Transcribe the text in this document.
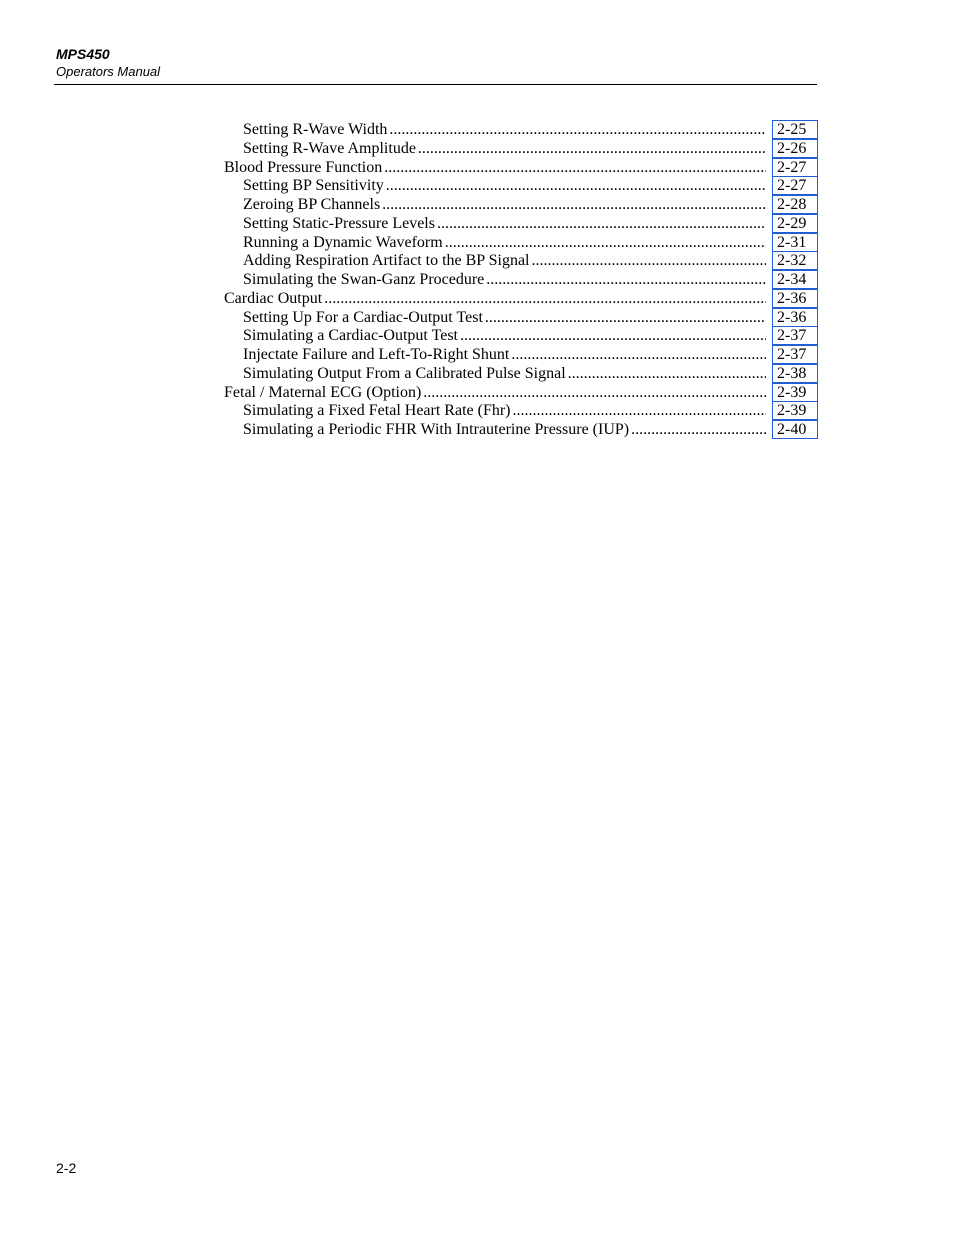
MPS450
Operators Manual
Setting R-Wave Width .....	2-25
Setting R-Wave Amplitude .....	2-26
Blood Pressure Function .....	2-27
Setting BP Sensitivity .....	2-27
Zeroing BP Channels .....	2-28
Setting Static-Pressure Levels .....	2-29
Running a Dynamic Waveform .....	2-31
Adding Respiration Artifact to the BP Signal .....	2-32
Simulating the Swan-Ganz Procedure .....	2-34
Cardiac Output .....	2-36
Setting Up For a Cardiac-Output Test .....	2-36
Simulating a Cardiac-Output Test .....	2-37
Injectate Failure and Left-To-Right Shunt .....	2-37
Simulating Output From a Calibrated Pulse Signal .....	2-38
Fetal / Maternal ECG (Option) .....	2-39
Simulating a Fixed Fetal Heart Rate (Fhr) .....	2-39
Simulating a Periodic FHR With Intrauterine Pressure (IUP) .....	2-40
2-2
